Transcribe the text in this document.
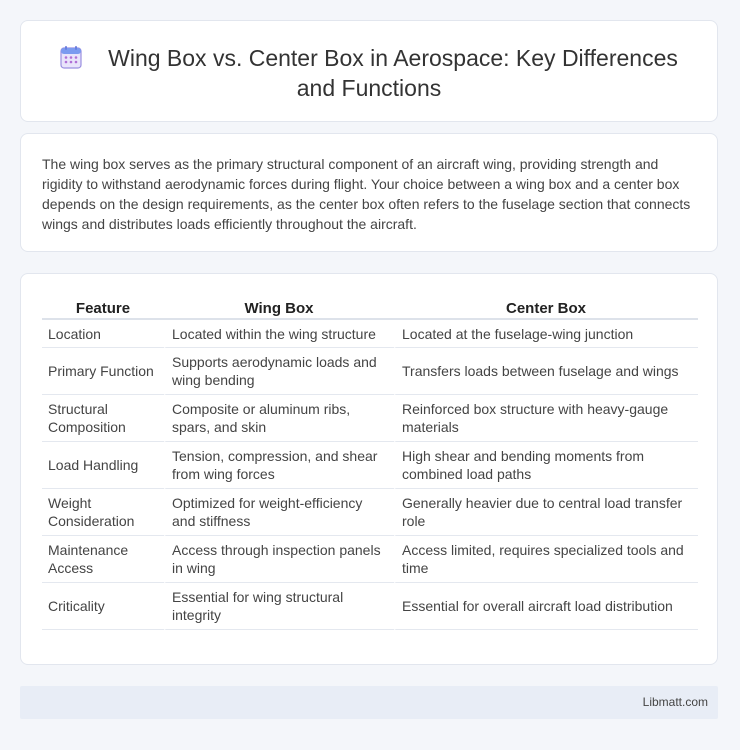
Wing Box vs. Center Box in Aerospace: Key Differences
and Functions

The wing box serves as the primary structural component of an aircraft wing, providing strength and rigidity to withstand aerodynamic forces during flight. Your choice between a wing box and a center box depends on the design requirements, as the center box often refers to the fuselage section that connects wings and distributes loads efficiently throughout the aircraft.

Feature	Wing Box	Center Box
Location	Located within the wing structure	Located at the fuselage-wing junction
Primary Function	Supports aerodynamic loads and wing bending	Transfers loads between fuselage and wings
Structural Composition	Composite or aluminum ribs, spars, and skin	Reinforced box structure with heavy-gauge materials
Load Handling	Tension, compression, and shear from wing forces	High shear and bending moments from combined load paths
Weight Consideration	Optimized for weight-efficiency and stiffness	Generally heavier due to central load transfer role
Maintenance Access	Access through inspection panels in wing	Access limited, requires specialized tools and time
Criticality	Essential for wing structural integrity	Essential for overall aircraft load distribution
Libmatt.com
